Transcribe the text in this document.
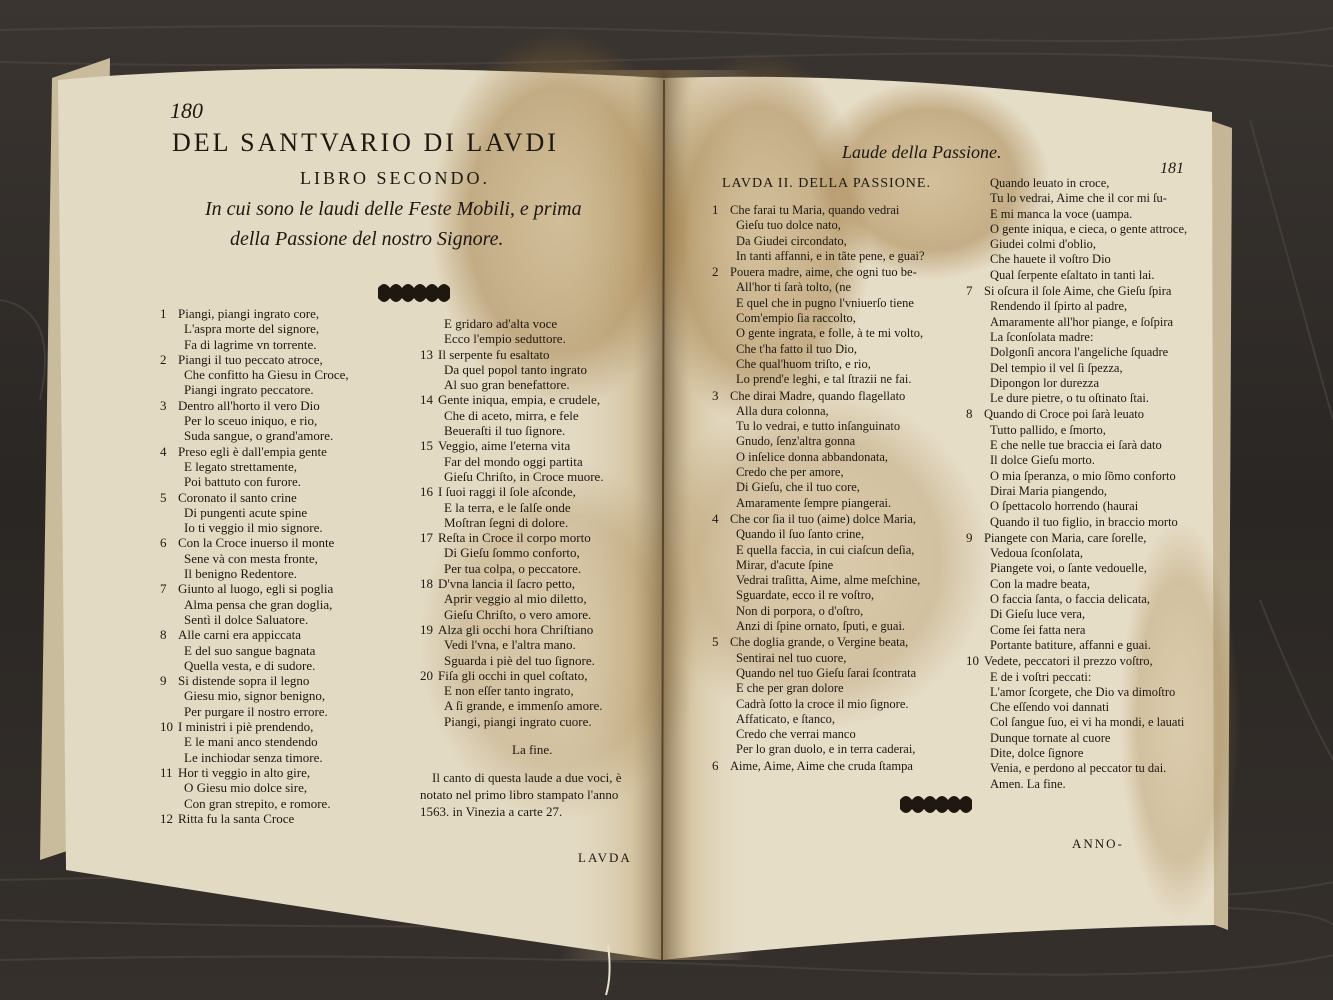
180
DEL SANTVARIO DI LAVDI
LIBRO SECONDO.
In cui sono le laudi delle Feste Mobili, e prima
della Passione del nostro Signore.
1 Piangi, piangi ingrato core,
L'aspra morte del signore,
Fa di lagrime vn torrente.
2 Piangi il tuo peccato atroce,
Che confitto ha Giesu in Croce,
Piangi ingrato peccatore.
3 Dentro all'horto il vero Dio
Per lo sceuo iniquo, e rio,
Suda sangue, o grand'amore.
4 Preso egli è dall'empia gente
E legato strettamente,
Poi battuto con furore.
5 Coronato il santo crine
Di pungenti acute spine
Io ti veggio il mio signore.
6 Con la Croce inuerso il monte
Sene và con mesta fronte,
Il benigno Redentore.
7 Giunto al luogo, egli si poglia
Alma pensa che gran doglia,
Sentì il dolce Saluatore.
8 Alle carni era appiccata
E del suo sangue bagnata
Quella vesta, e di sudore.
9 Si distende sopra il legno
Giesu mio, signor benigno,
Per purgare il nostro errore.
10 I ministri i piè prendendo,
E le mani anco stendendo
Le inchiodar senza timore.
11 Hor ti veggio in alto gire,
O Giesu mio dolce sire,
Con gran strepito, e romore.
12 Ritta fu la santa Croce
E gridaro ad'alta voce
Ecco l'empio seduttore.
13 Il serpente fu esaltato
Da quel popol tanto ingrato
Al suo gran benefattore.
14 Gente iniqua, empia, e crudele,
Che di aceto, mirra, e fele
Beueraſti il tuo ſignore.
15 Veggio, aime l'eterna vita
Far del mondo oggi partita
Gieſu Chriſto, in Croce muore.
16 I ſuoi raggi il ſole aſconde,
E la terra, e le ſalſe onde
Moſtran ſegni di dolore.
17 Reſta in Croce il corpo morto
Di Gieſu ſommo conforto,
Per tua colpa, o peccatore.
18 D'vna lancia il ſacro petto,
Aprir veggio al mio diletto,
Gieſu Chriſto, o vero amore.
19 Alza gli occhi hora Chriſtiano
Vedi l'vna, e l'altra mano.
Sguarda i piè del tuo ſignore.
20 Fiſa gli occhi in quel coſtato,
E non eſſer tanto ingrato,
A ſi grande, e immenſo amore.
Piangi, piangi ingrato cuore.
La fine.
Il canto di questa laude a due voci, è
notato nel primo libro stampato l'anno
1563. in Vinezia a carte 27.
LAVDA
Laude della Passione.
181
LAVDA II. DELLA PASSIONE.
1 Che farai tu Maria, quando vedrai
Gieſu tuo dolce nato,
Da Giudei circondato,
In tanti affanni, e in tãte pene, e guai?
2 Pouera madre, aime, che ogni tuo be-
All'hor ti ſarà tolto, (ne
E quel che in pugno l'vniuerſo tiene
Com'empio ſia raccolto,
O gente ingrata, e folle, à te mi volto,
Che t'ha fatto il tuo Dio,
Che qual'huom triſto, e rio,
Lo prend'e leghi, e tal ſtrazii ne fai.
3 Che dirai Madre, quando flagellato
Alla dura colonna,
Tu lo vedrai, e tutto inſanguinato
Gnudo, ſenz'altra gonna
O inſelice donna abbandonata,
Credo che per amore,
Di Gieſu, che il tuo core,
Amaramente ſempre piangerai.
4 Che cor ſia il tuo (aime) dolce Maria,
Quando il ſuo ſanto crine,
E quella faccia, in cui ciaſcun deſia,
Mirar, d'acute ſpine
Vedrai traſitta, Aime, alme meſchine,
Sguardate, ecco il re voſtro,
Non di porpora, o d'oſtro,
Anzi di ſpine ornato, ſputi, e guai.
5 Che doglia grande, o Vergine beata,
Sentirai nel tuo cuore,
Quando nel tuo Gieſu ſarai ſcontrata
E che per gran dolore
Cadrà ſotto la croce il mio ſignore.
Affaticato, e ſtanco,
Credo che verrai manco
Per lo gran duolo, e in terra caderai,
6 Aime, Aime, Aime che cruda ſtampa
Quando leuato in croce,
Tu lo vedrai, Aime che il cor mi ſu-
E mi manca la voce (uampa.
O gente iniqua, e cieca, o gente attroce,
Giudei colmi d'oblio,
Che hauete il voſtro Dio
Qual ſerpente eſaltato in tanti lai.
7 Si oſcura il ſole Aime, che Gieſu ſpira
Rendendo il ſpirto al padre,
Amaramente all'hor piange, e ſoſpira
La ſconſolata madre:
Dolgonſi ancora l'angeliche ſquadre
Del tempio il vel ſi ſpezza,
Dipongon lor durezza
Le dure pietre, o tu oſtinato ſtai.
8 Quando di Croce poi ſarà leuato
Tutto pallido, e ſmorto,
E che nelle tue braccia ei ſarà dato
Il dolce Gieſu morto.
O mia ſperanza, o mio ſõmo conforto
Dirai Maria piangendo,
O ſpettacolo horrendo (haurai
Quando il tuo figlio, in braccio morto
9 Piangete con Maria, care ſorelle,
Vedoua ſconſolata,
Piangete voi, o ſante vedouelle,
Con la madre beata,
O faccia ſanta, o faccia delicata,
Di Gieſu luce vera,
Come ſei fatta nera
Portante batiture, affanni e guai.
10 Vedete, peccatori il prezzo voſtro,
E de i voſtri peccati:
L'amor ſcorgete, che Dio va dimoſtro
Che eſſendo voi dannati
Col ſangue ſuo, ei vi ha mondi, e lauati
Dunque tornate al cuore
Dite, dolce ſignore
Venia, e perdono al peccator tu dai.
Amen. La fine.
ANNO-
